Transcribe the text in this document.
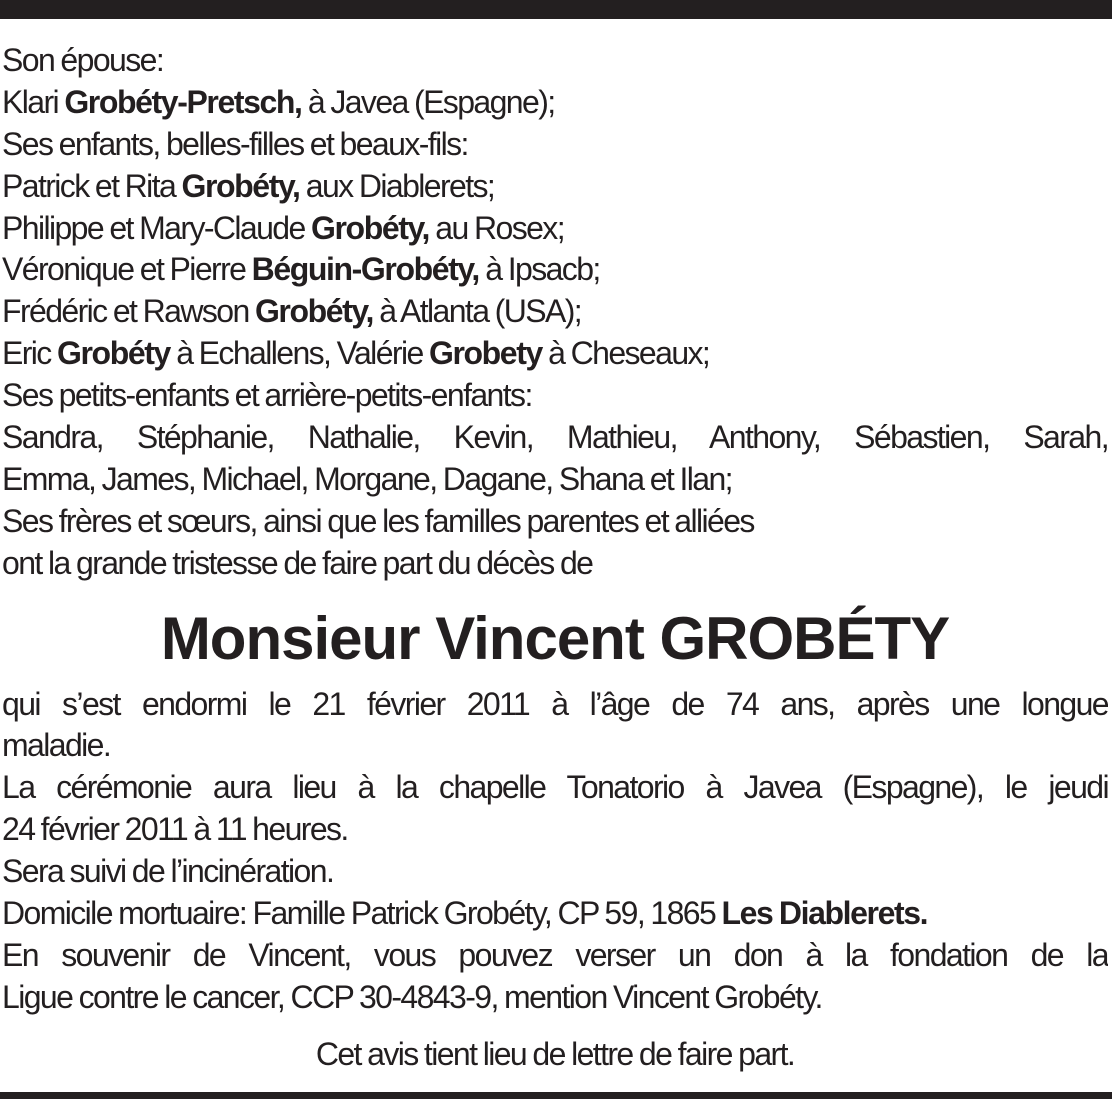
Son épouse:
Klari Grobéty-Pretsch, à Javea (Espagne);
Ses enfants, belles-filles et beaux-fils:
Patrick et Rita Grobéty, aux Diablerets;
Philippe et Mary-Claude Grobéty, au Rosex;
Véronique et Pierre Béguin-Grobéty, à Ipsacb;
Frédéric et Rawson Grobéty, à Atlanta (USA);
Eric Grobéty à Echallens, Valérie Grobety à Cheseaux;
Ses petits-enfants et arrière-petits-enfants:
Sandra, Stéphanie, Nathalie, Kevin, Mathieu, Anthony, Sébastien, Sarah,
Emma, James, Michael, Morgane, Dagane, Shana et Ilan;
Ses frères et sœurs, ainsi que les familles parentes et alliées
ont la grande tristesse de faire part du décès de
Monsieur Vincent GROBÉTY
qui s’est endormi le 21 février 2011 à l’âge de 74 ans, après une longue
maladie.
La cérémonie aura lieu à la chapelle Tonatorio à Javea (Espagne), le jeudi
24 février 2011 à 11 heures.
Sera suivi de l’incinération.
Domicile mortuaire: Famille Patrick Grobéty, CP 59, 1865 Les Diablerets.
En souvenir de Vincent, vous pouvez verser un don à la fondation de la
Ligue contre le cancer, CCP 30-4843-9, mention Vincent Grobéty.
Cet avis tient lieu de lettre de faire part.
